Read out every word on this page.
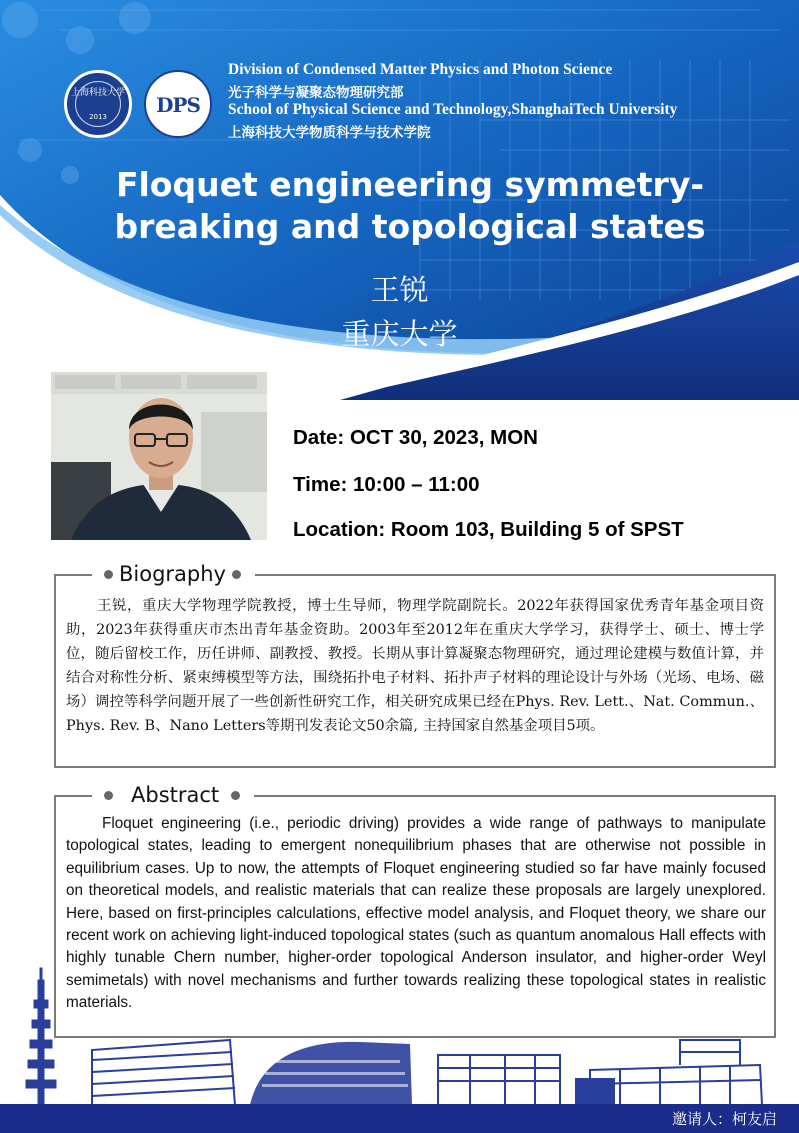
上海科技大学
2013	DPS
Division of Condensed Matter Physics and Photon Science
光子科学与凝聚态物理研究部
School of Physical Science and Technology,ShanghaiTech University
上海科技大学物质科学与技术学院
Floquet engineering symmetry-
breaking and topological states
王锐
重庆大学
Date: OCT 30, 2023, MON
Time: 10:00 – 11:00
Location: Room 103, Building 5 of SPST
Biography
王锐，重庆大学物理学院教授，博士生导师，物理学院副院长。2022年获得国家优秀青年基金项目资助，2023年获得重庆市杰出青年基金资助。2003年至2012年在重庆大学学习，获得学士、硕士、博士学位，随后留校工作，历任讲师、副教授、教授。长期从事计算凝聚态物理研究，通过理论建模与数值计算，并结合对称性分析、紧束缚模型等方法，围绕拓扑电子材料、拓扑声子材料的理论设计与外场（光场、电场、磁场）调控等科学问题开展了一些创新性研究工作，相关研究成果已经在Phys. Rev. Lett.、Nat. Commun.、Phys. Rev. B、Nano Letters等期刊发表论文50余篇, 主持国家自然基金项目5项。
Abstract
Floquet engineering (i.e., periodic driving) provides a wide range of pathways to manipulate topological states, leading to emergent nonequilibrium phases that are otherwise not possible in equilibrium cases. Up to now, the attempts of Floquet engineering studied so far have mainly focused on theoretical models, and realistic materials that can realize these proposals are largely unexplored. Here, based on first-principles calculations, effective model analysis, and Floquet theory, we share our recent work on achieving light-induced topological states (such as quantum anomalous Hall effects with highly tunable Chern number, higher-order topological Anderson insulator, and higher-order Weyl semimetals) with novel mechanisms and further towards realizing these topological states in realistic materials.
邀请人：柯友启
